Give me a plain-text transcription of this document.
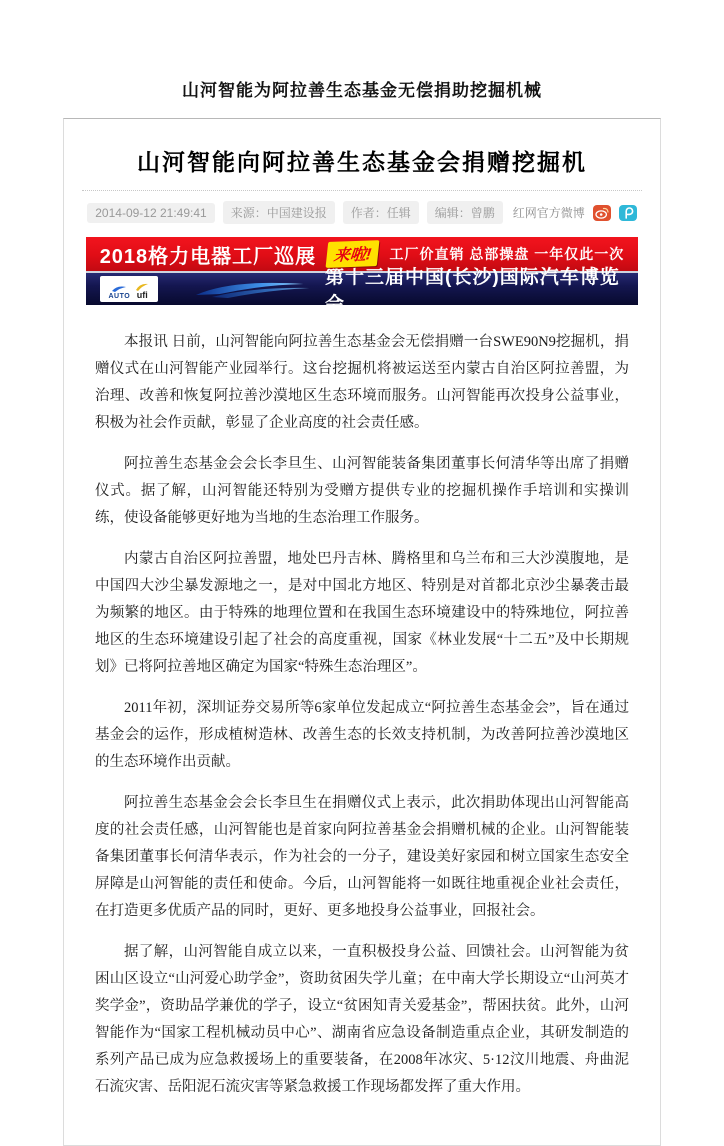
山河智能为阿拉善生态基金无偿捐助挖掘机械
山河智能向阿拉善生态基金会捐赠挖掘机
2014-09-12 21:49:41	来源：中国建设报	作者：任辑	编辑：曾鹏	红网官方微博
2018格力电器工厂巡展	来啦!	工厂价直销 总部操盘 一年仅此一次
AUTO ufi
第十三届中国(长沙)国际汽车博览会

本报讯 日前，山河智能向阿拉善生态基金会无偿捐赠一台SWE90N9挖掘机，捐赠仪式在山河智能产业园举行。这台挖掘机将被运送至内蒙古自治区阿拉善盟，为治理、改善和恢复阿拉善沙漠地区生态环境而服务。山河智能再次投身公益事业，积极为社会作贡献，彰显了企业高度的社会责任感。

阿拉善生态基金会会长李旦生、山河智能装备集团董事长何清华等出席了捐赠仪式。据了解，山河智能还特别为受赠方提供专业的挖掘机操作手培训和实操训练，使设备能够更好地为当地的生态治理工作服务。

内蒙古自治区阿拉善盟，地处巴丹吉林、腾格里和乌兰布和三大沙漠腹地，是中国四大沙尘暴发源地之一，是对中国北方地区、特别是对首都北京沙尘暴袭击最为频繁的地区。由于特殊的地理位置和在我国生态环境建设中的特殊地位，阿拉善地区的生态环境建设引起了社会的高度重视，国家《林业发展“十二五”及中长期规划》已将阿拉善地区确定为国家“特殊生态治理区”。

2011年初，深圳证券交易所等6家单位发起成立“阿拉善生态基金会”，旨在通过基金会的运作，形成植树造林、改善生态的长效支持机制，为改善阿拉善沙漠地区的生态环境作出贡献。

阿拉善生态基金会会长李旦生在捐赠仪式上表示，此次捐助体现出山河智能高度的社会责任感，山河智能也是首家向阿拉善基金会捐赠机械的企业。山河智能装备集团董事长何清华表示，作为社会的一分子，建设美好家园和树立国家生态安全屏障是山河智能的责任和使命。今后，山河智能将一如既往地重视企业社会责任，在打造更多优质产品的同时，更好、更多地投身公益事业，回报社会。

据了解，山河智能自成立以来，一直积极投身公益、回馈社会。山河智能为贫困山区设立“山河爱心助学金”，资助贫困失学儿童；在中南大学长期设立“山河英才奖学金”，资助品学兼优的学子，设立“贫困知青关爱基金”，帮困扶贫。此外，山河智能作为“国家工程机械动员中心”、湖南省应急设备制造重点企业，其研发制造的系列产品已成为应急救援场上的重要装备，在2008年冰灾、5·12汶川地震、舟曲泥石流灾害、岳阳泥石流灾害等紧急救援工作现场都发挥了重大作用。
